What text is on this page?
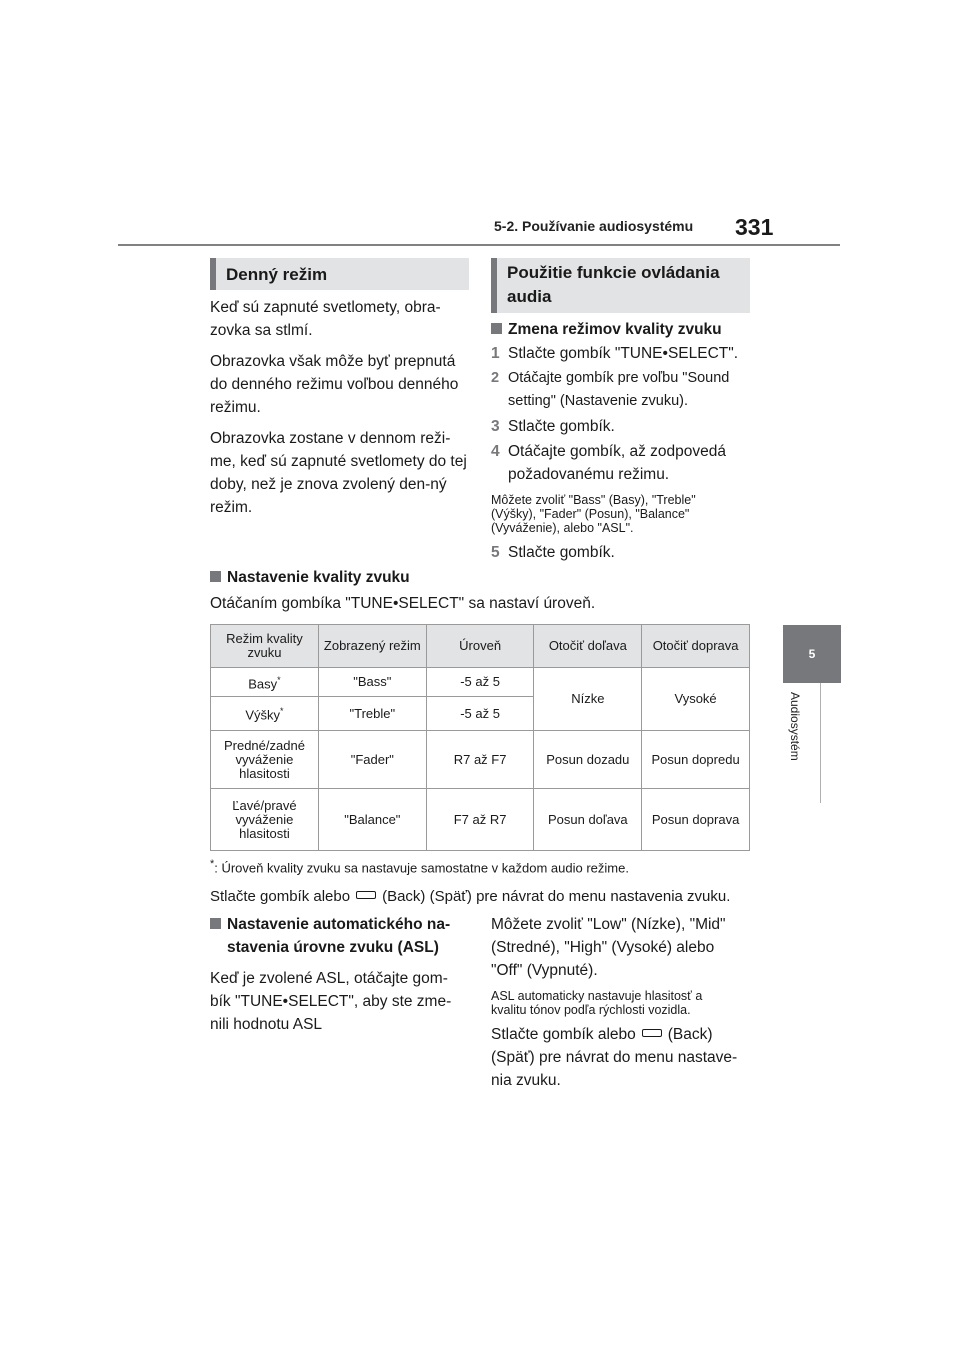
5-2. Používanie audiosystému 331
5
Audiosystém
Denný režim

Keď sú zapnuté svetlomety, obra-zovka sa stlmí.

Obrazovka však môže byť prepnutá do denného režimu voľbou denného režimu.

Obrazovka zostane v dennom reži-me, keď sú zapnuté svetlomety do tej doby, než je znova zvolený den-ný režim.

Použitie funkcie ovládania audia
Zmena režimov kvality zvuku
1 Stlačte gombík "TUNE•SELECT".
2 Otáčajte gombík pre voľbu "Sound setting" (Nastavenie zvuku).
3 Stlačte gombík.
4 Otáčajte gombík, až zodpovedá požadovanému režimu.
Môžete zvoliť "Bass" (Basy), "Treble" (Výšky), "Fader" (Posun), "Balance" (Vyváženie), alebo "ASL".
5 Stlačte gombík.
Nastavenie kvality zvuku
Otáčaním gombíka "TUNE•SELECT" sa nastaví úroveň.
Režim kvality zvuku	Zobrazený režim	Úroveň	Otočiť doľava	Otočiť doprava
Basy*	"Bass"	-5 až 5	Nízke	Vysoké
Výšky*	"Treble"	-5 až 5		
Predné/zadné vyváženie hlasitosti	"Fader"	R7 až F7	Posun dozadu	Posun dopredu
Ľavé/pravé vyváženie hlasitosti	"Balance"	F7 až R7	Posun doľava	Posun doprava
*: Úroveň kvality zvuku sa nastavuje samostatne v každom audio režime.
Stlačte gombík alebo (Back) (Späť) pre návrat do menu nastavenia zvuku.
Nastavenie automatického na-
stavenia úrovne zvuku (ASL)

Keď je zvolené ASL, otáčajte gom-bík "TUNE•SELECT", aby ste zme-nili hodnotu ASL

Môžete zvoliť "Low" (Nízke), "Mid" (Stredné), "High" (Vysoké) alebo "Off" (Vypnuté).

ASL automaticky nastavuje hlasitosť a kvalitu tónov podľa rýchlosti vozidla.

Stlačte gombík alebo (Back) (Späť) pre návrat do menu nastave-nia zvuku.
